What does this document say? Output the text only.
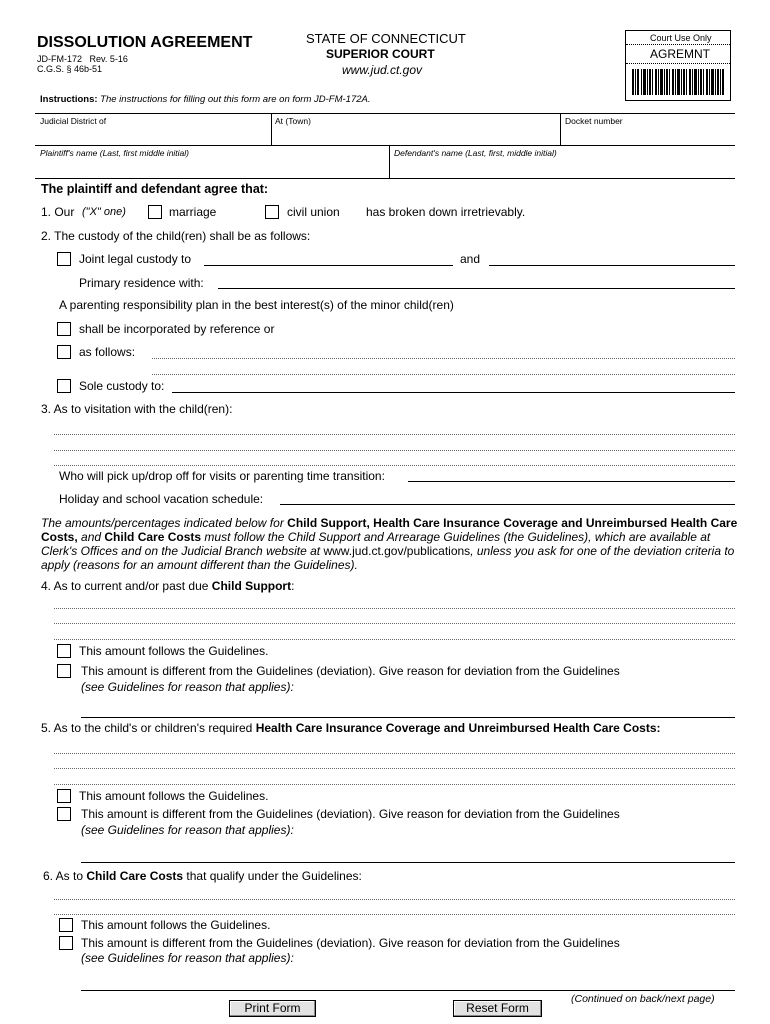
DISSOLUTION AGREEMENT
JD-FM-172 Rev. 5-16
C.G.S. § 46b-51
STATE OF CONNECTICUT
SUPERIOR COURT
www.jud.ct.gov
Court Use Only
AGREMNT
Instructions: The instructions for filling out this form are on form JD-FM-172A.
Judicial District of	At (Town)	Docket number
Plaintiff's name (Last, first middle initial)	Defendant's name (Last, first, middle initial)
The plaintiff and defendant agree that:
1. Our ("X" one)	marriage	civil union has broken down irretrievably.
2. The custody of the child(ren) shall be as follows:
Joint legal custody to	and
Primary residence with:
A parenting responsibility plan in the best interest(s) of the minor child(ren)
shall be incorporated by reference or
as follows:
Sole custody to:
3. As to visitation with the child(ren):
Who will pick up/drop off for visits or parenting time transition:
Holiday and school vacation schedule:
The amounts/percentages indicated below for Child Support, Health Care Insurance Coverage and Unreimbursed Health Care Costs, and Child Care Costs must follow the Child Support and Arrearage Guidelines (the Guidelines), which are available at Clerk's Offices and on the Judicial Branch website at www.jud.ct.gov/publications, unless you ask for one of the deviation criteria to apply (reasons for an amount different than the Guidelines).
4. As to current and/or past due Child Support:
This amount follows the Guidelines.
This amount is different from the Guidelines (deviation). Give reason for deviation from the Guidelines
(see Guidelines for reason that applies):
5. As to the child's or children's required Health Care Insurance Coverage and Unreimbursed Health Care Costs:
This amount follows the Guidelines.
This amount is different from the Guidelines (deviation). Give reason for deviation from the Guidelines
(see Guidelines for reason that applies):
6. As to Child Care Costs that qualify under the Guidelines:
This amount follows the Guidelines.
This amount is different from the Guidelines (deviation). Give reason for deviation from the Guidelines
(see Guidelines for reason that applies):
Print Form	Reset Form
(Continued on back/next page)
